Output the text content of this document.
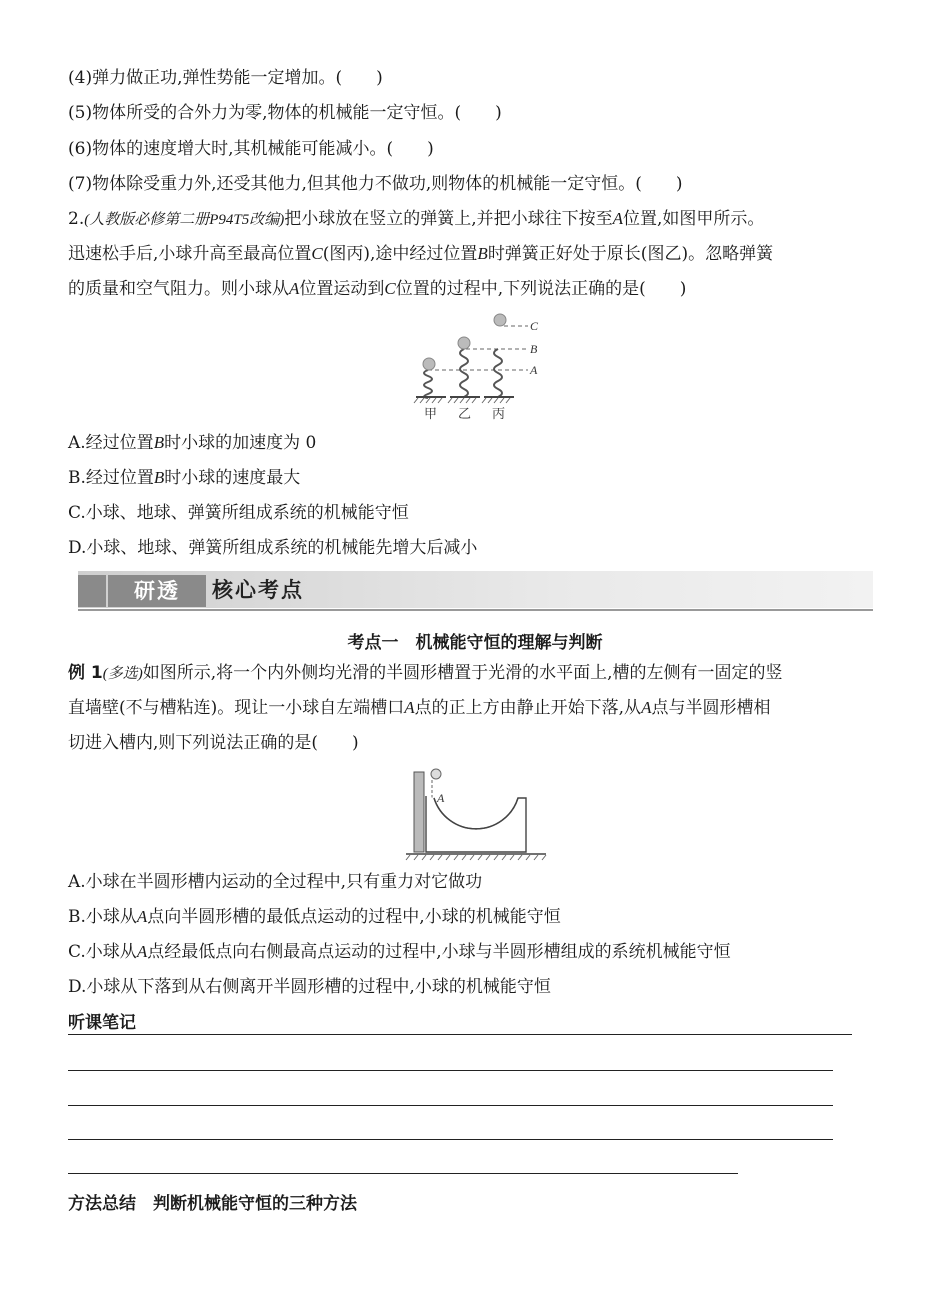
(4)弹力做正功,弹性势能一定增加。(　　)
(5)物体所受的合外力为零,物体的机械能一定守恒。(　　)
(6)物体的速度增大时,其机械能可能减小。(　　)
(7)物体除受重力外,还受其他力,但其他力不做功,则物体的机械能一定守恒。(　　)
2.(人教版必修第二册P94T5改编)把小球放在竖立的弹簧上,并把小球往下按至A位置,如图甲所示。
迅速松手后,小球升高至最高位置C(图丙),途中经过位置B时弹簧正好处于原长(图乙)。忽略弹簧
的质量和空气阻力。则小球从A位置运动到C位置的过程中,下列说法正确的是(　　)
C
B
A
甲 乙 丙
A.经过位置B时小球的加速度为 0
B.经过位置B时小球的速度最大
C.小球、地球、弹簧所组成系统的机械能守恒
D.小球、地球、弹簧所组成系统的机械能先增大后减小
研透	核心考点
考点一　机械能守恒的理解与判断
例 1(多选)如图所示,将一个内外侧均光滑的半圆形槽置于光滑的水平面上,槽的左侧有一固定的竖
直墙壁(不与槽粘连)。现让一小球自左端槽口A点的正上方由静止开始下落,从A点与半圆形槽相
切进入槽内,则下列说法正确的是(　　)
A
A.小球在半圆形槽内运动的全过程中,只有重力对它做功
B.小球从A点向半圆形槽的最低点运动的过程中,小球的机械能守恒
C.小球从A点经最低点向右侧最高点运动的过程中,小球与半圆形槽组成的系统机械能守恒
D.小球从下落到从右侧离开半圆形槽的过程中,小球的机械能守恒
听课笔记
方法总结　判断机械能守恒的三种方法
